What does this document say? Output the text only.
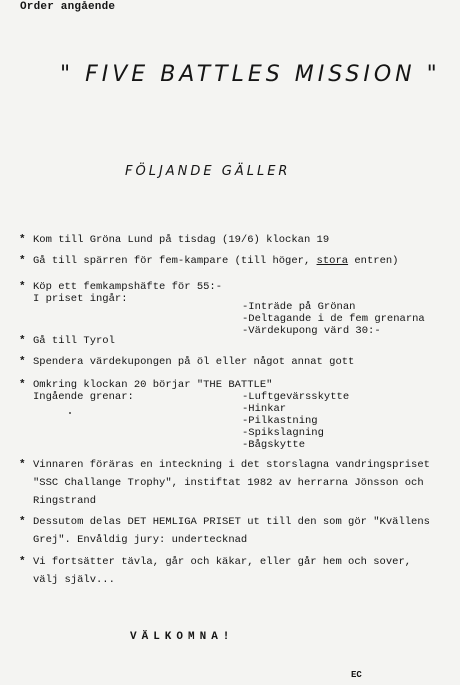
Order angående
" FIVE BATTLES MISSION "
FÖLJANDE GÄLLER
* Kom till Gröna Lund på tisdag (19/6) klockan 19
* Gå till spärren för fem-kampare (till höger, stora entren)
* Köp ett femkampshäfte för 55:-
I priset ingår:
-Inträde på Grönan
-Deltagande i de fem grenarna
-Värdekupong värd 30:-
* Gå till Tyrol
* Spendera värdekupongen på öl eller något annat gott
* Omkring klockan 20 börjar "THE BATTLE"
Ingående grenar:	-Luftgevärsskytte
-Hinkar
-Pilkastning
-Spikslagning
-Bågskytte
* Vinnaren föräras en inteckning i det storslagna vandringspriset
"SSC Challange Trophy", instiftat 1982 av herrarna Jönsson och
Ringstrand
* Dessutom delas DET HEMLIGA PRISET ut till den som gör "Kvällens
Grej". Envåldig jury: undertecknad
* Vi fortsätter tävla, går och käkar, eller går hem och sover,
välj själv...
VÄLKOMNA!
EC
